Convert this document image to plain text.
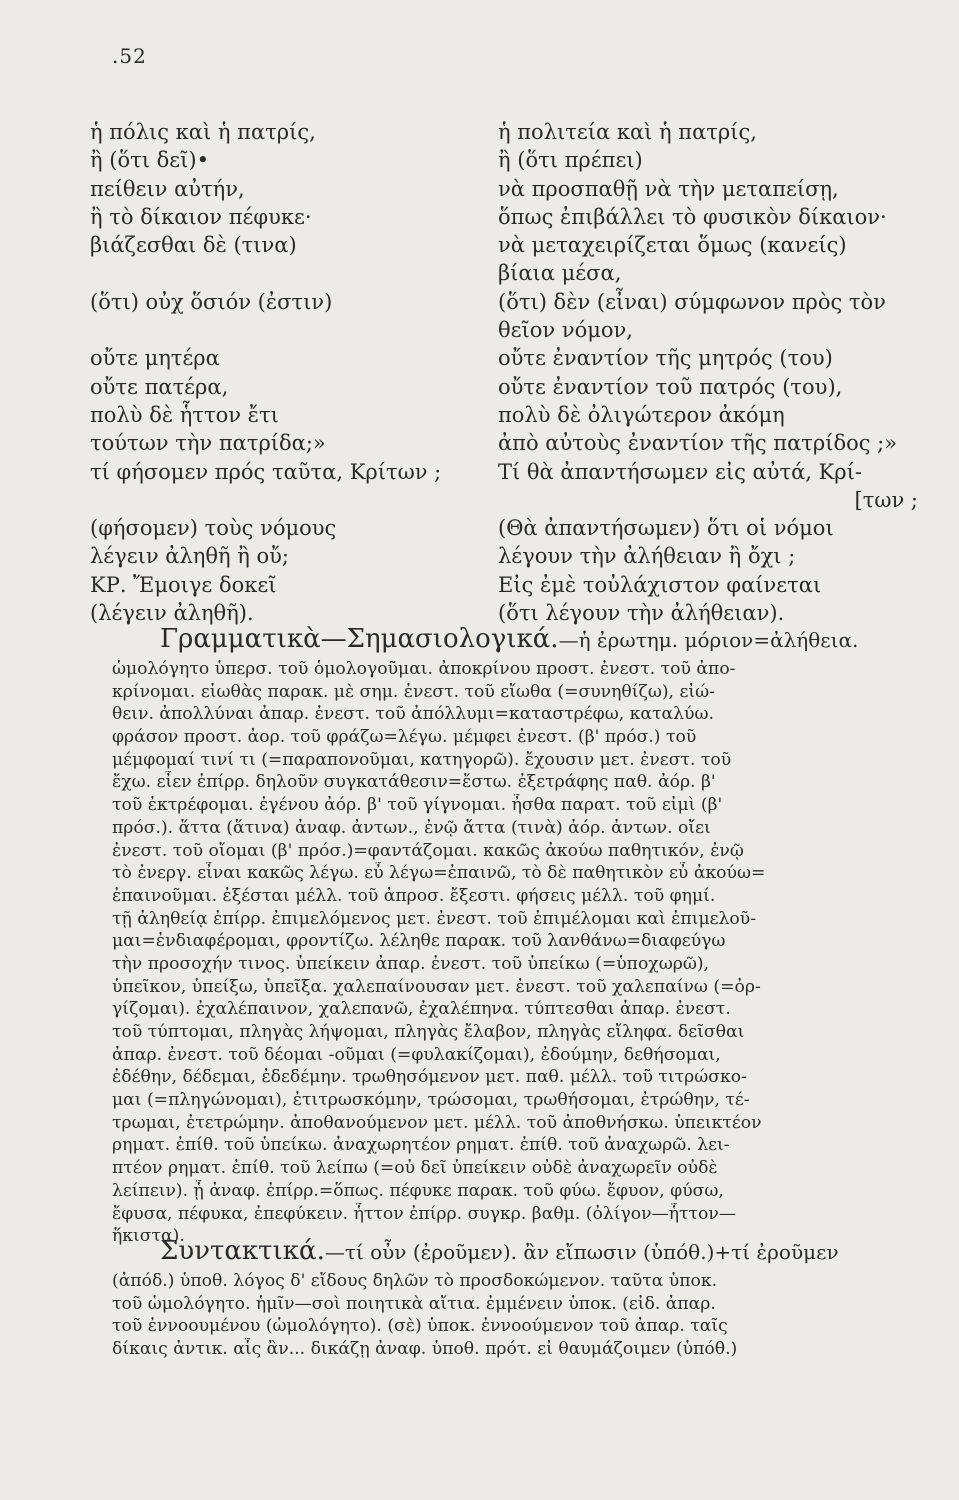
.52
ἡ πόλις καὶ ἡ πατρίς,
ἢ (ὅτι δεῖ)•
πείθειν αὐτήν,
ἢ τὸ δίκαιον πέφυκε·
βιάζεσθαι δὲ (τινα)
(ὅτι) οὐχ ὅσιόν (ἐστιν)
οὔτε μητέρα
οὔτε πατέρα,
πολὺ δὲ ἧττον ἔτι
τούτων τὴν πατρίδα;»
τί φήσομεν πρός ταῦτα, Κρίτων ;
(φήσομεν) τοὺς νόμους
λέγειν ἀληθῆ ἢ οὔ;
ΚΡ. Ἔμοιγε δοκεῖ
(λέγειν ἀληθῆ).
ἡ πολιτεία καὶ ἡ πατρίς,
ἢ (ὅτι πρέπει)
νὰ προσπαθῇ νὰ τὴν μεταπείσῃ,
ὅπως ἐπιβάλλει τὸ φυσικὸν δίκαιον·
νὰ μεταχειρίζεται ὅμως (κανείς)
βίαια μέσα,
(ὅτι) δὲν (εἶναι) σύμφωνον πρὸς τὸν
θεῖον νόμον,
οὔτε ἐναντίον τῆς μητρός (του)
οὔτε ἐναντίον τοῦ πατρός (του),
πολὺ δὲ ὀλιγώτερον ἀκόμη
ἀπὸ αὐτοὺς ἐναντίον τῆς πατρίδος ;»
Τί θὰ ἀπαντήσωμεν εἰς αὐτά, Κρί-
[των ;
(Θὰ ἀπαντήσωμεν) ὅτι οἱ νόμοι
λέγουν τὴν ἀλήθειαν ἢ ὄχι ;
Εἰς ἐμὲ τοὐλάχιστον φαίνεται
(ὅτι λέγουν τὴν ἀλήθειαν).
Γραμματικὰ—Σημασιολογικά.—ἡ ἐρωτημ. μόριον=ἀλήθεια.
ὡμολόγητο ὑπερσ. τοῦ ὁμολογοῦμαι. ἀποκρίνου προστ. ἐνεστ. τοῦ ἀπο-
κρίνομαι. εἰωθὰς παρακ. μὲ σημ. ἐνεστ. τοῦ εἴωθα (=συνηθίζω), εἰώ-
θειν. ἀπολλύναι ἀπαρ. ἐνεστ. τοῦ ἀπόλλυμι=καταστρέφω, καταλύω.
φράσον προστ. ἀορ. τοῦ φράζω=λέγω. μέμφει ἐνεστ. (β' πρόσ.) τοῦ
μέμφομαί τινί τι (=παραπονοῦμαι, κατηγορῶ). ἔχουσιν μετ. ἐνεστ. τοῦ
ἔχω. εἶεν ἐπίρρ. δηλοῦν συγκατάθεσιν=ἔστω. ἐξετράφης παθ. ἀόρ. β'
τοῦ ἐκτρέφομαι. ἐγένου ἀόρ. β' τοῦ γίγνομαι. ἦσθα παρατ. τοῦ εἰμὶ (β'
πρόσ.). ἅττα (ἅτινα) ἀναφ. ἀντων., ἐνῷ ἄττα (τινὰ) ἀόρ. ἀντων. οἴει
ἐνεστ. τοῦ οἴομαι (β' πρόσ.)=φαντάζομαι. κακῶς ἀκούω παθητικόν, ἐνῷ
τὸ ἐνεργ. εἶναι κακῶς λέγω. εὖ λέγω=ἐπαινῶ, τὸ δὲ παθητικὸν εὖ ἀκούω=
ἐπαινοῦμαι. ἐξέσται μέλλ. τοῦ ἀπροσ. ἔξεστι. φήσεις μέλλ. τοῦ φημί.
τῇ ἀληθείᾳ ἐπίρρ. ἐπιμελόμενος μετ. ἐνεστ. τοῦ ἐπιμέλομαι καὶ ἐπιμελοῦ-
μαι=ἐνδιαφέρομαι, φροντίζω. λέληθε παρακ. τοῦ λανθάνω=διαφεύγω
τὴν προσοχήν τινος. ὑπείκειν ἀπαρ. ἐνεστ. τοῦ ὑπείκω (=ὑποχωρῶ),
ὑπεῖκον, ὑπείξω, ὑπεῖξα. χαλεπαίνουσαν μετ. ἐνεστ. τοῦ χαλεπαίνω (=ὀρ-
γίζομαι). ἐχαλέπαινον, χαλεπανῶ, ἐχαλέπηνα. τύπτεσθαι ἀπαρ. ἐνεστ.
τοῦ τύπτομαι, πληγὰς λήψομαι, πληγὰς ἔλαβον, πληγὰς εἴληφα. δεῖσθαι
ἀπαρ. ἐνεστ. τοῦ δέομαι -οῦμαι (=φυλακίζομαι), ἐδούμην, δεθήσομαι,
ἐδέθην, δέδεμαι, ἐδεδέμην. τρωθησόμενον μετ. παθ. μέλλ. τοῦ τιτρώσκο-
μαι (=πληγώνομαι), ἐτιτρωσκόμην, τρώσομαι, τρωθήσομαι, ἐτρώθην, τέ-
τρωμαι, ἐτετρώμην. ἀποθανούμενον μετ. μέλλ. τοῦ ἀποθνήσκω. ὑπεικτέον
ρηματ. ἐπίθ. τοῦ ὑπείκω. ἀναχωρητέον ρηματ. ἐπίθ. τοῦ ἀναχωρῶ. λει-
πτέον ρηματ. ἐπίθ. τοῦ λείπω (=οὐ δεῖ ὑπείκειν οὐδὲ ἀναχωρεῖν οὐδὲ
λείπειν). ᾗ ἀναφ. ἐπίρρ.=ὅπως. πέφυκε παρακ. τοῦ φύω. ἔφυον, φύσω,
ἔφυσα, πέφυκα, ἐπεφύκειν. ἧττον ἐπίρρ. συγκρ. βαθμ. (ὀλίγον—ἧττον—
ἥκιστα).
Συντακτικά.—τί οὖν (ἐροῦμεν). ἂν εἴπωσιν (ὑπόθ.)+τί ἐροῦμεν
(ἀπόδ.) ὑποθ. λόγος δ' εἴδους δηλῶν τὸ προσδοκώμενον. ταῦτα ὑποκ.
τοῦ ὡμολόγητο. ἡμῖν—σοὶ ποιητικὰ αἴτια. ἐμμένειν ὑποκ. (εἰδ. ἀπαρ.
τοῦ ἐννοουμένου (ὡμολόγητο). (σὲ) ὑποκ. ἐννοούμενον τοῦ ἀπαρ. ταῖς
δίκαις ἀντικ. αἷς ἂν... δικάζῃ ἀναφ. ὑποθ. πρότ. εἰ θαυμάζοιμεν (ὑπόθ.)
